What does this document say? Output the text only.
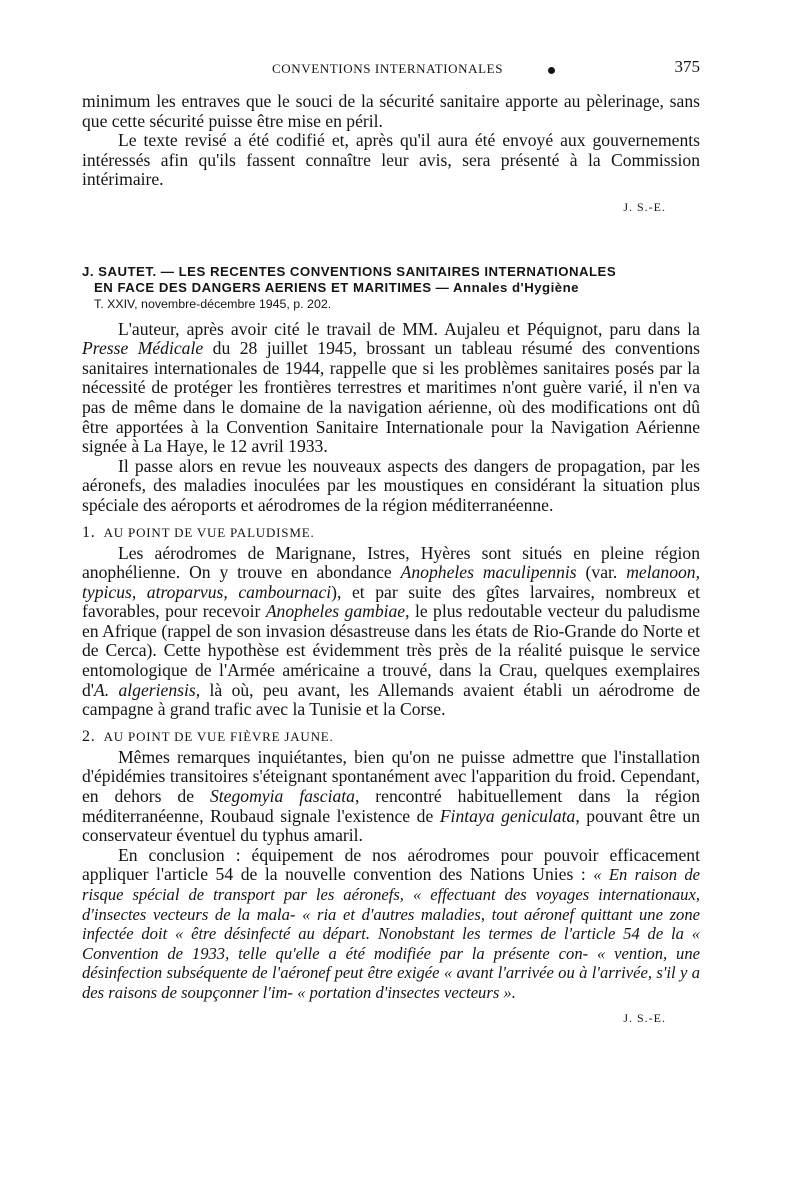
CONVENTIONS INTERNATIONALES	375

minimum les entraves que le souci de la sécurité sanitaire apporte au pèlerinage, sans que cette sécurité puisse être mise en péril.

Le texte revisé a été codifié et, après qu'il aura été envoyé aux gouvernements intéressés afin qu'ils fassent connaître leur avis, sera présenté à la Commission intérimaire.

J. S.-E.

J. SAUTET. — LES RECENTES CONVENTIONS SANITAIRES INTERNATIONALES
EN FACE DES DANGERS AERIENS ET MARITIMES — Annales d'Hygiène
T. XXIV, novembre-décembre 1945, p. 202.

L'auteur, après avoir cité le travail de MM. Aujaleu et Péquignot, paru dans la Presse Médicale du 28 juillet 1945, brossant un tableau résumé des conventions sanitaires internationales de 1944, rappelle que si les problèmes sanitaires posés par la nécessité de protéger les frontières terrestres et maritimes n'ont guère varié, il n'en va pas de même dans le domaine de la navigation aérienne, où des modifications ont dû être apportées à la Convention Sanitaire Internationale pour la Navigation Aérienne signée à La Haye, le 12 avril 1933.

Il passe alors en revue les nouveaux aspects des dangers de propagation, par les aéronefs, des maladies inoculées par les moustiques en considérant la situation plus spéciale des aéroports et aérodromes de la région méditerranéenne.

1. AU POINT DE VUE PALUDISME.

Les aérodromes de Marignane, Istres, Hyères sont situés en pleine région anophélienne. On y trouve en abondance Anopheles maculipennis (var. melanoon, typicus, atroparvus, cambournaci), et par suite des gîtes larvaires, nombreux et favorables, pour recevoir Anopheles gambiae, le plus redoutable vecteur du paludisme en Afrique (rappel de son invasion désastreuse dans les états de Rio-Grande do Norte et de Cerca). Cette hypothèse est évidemment très près de la réalité puisque le service entomologique de l'Armée américaine a trouvé, dans la Crau, quelques exemplaires d'A. algeriensis, là où, peu avant, les Allemands avaient établi un aérodrome de campagne à grand trafic avec la Tunisie et la Corse.

2. AU POINT DE VUE FIÈVRE JAUNE.

Mêmes remarques inquiétantes, bien qu'on ne puisse admettre que l'installation d'épidémies transitoires s'éteignant spontanément avec l'apparition du froid. Cependant, en dehors de Stegomyia fasciata, rencontré habituellement dans la région méditerranéenne, Roubaud signale l'existence de Fintaya geniculata, pouvant être un conservateur éventuel du typhus amaril.

En conclusion : équipement de nos aérodromes pour pouvoir efficacement appliquer l'article 54 de la nouvelle convention des Nations Unies : « En raison de risque spécial de transport par les aéronefs, « effectuant des voyages internationaux, d'insectes vecteurs de la mala- « ria et d'autres maladies, tout aéronef quittant une zone infectée doit « être désinfecté au départ. Nonobstant les termes de l'article 54 de la « Convention de 1933, telle qu'elle a été modifiée par la présente con- « vention, une désinfection subséquente de l'aéronef peut être exigée « avant l'arrivée ou à l'arrivée, s'il y a des raisons de soupçonner l'im- « portation d'insectes vecteurs ».

J. S.-E.
